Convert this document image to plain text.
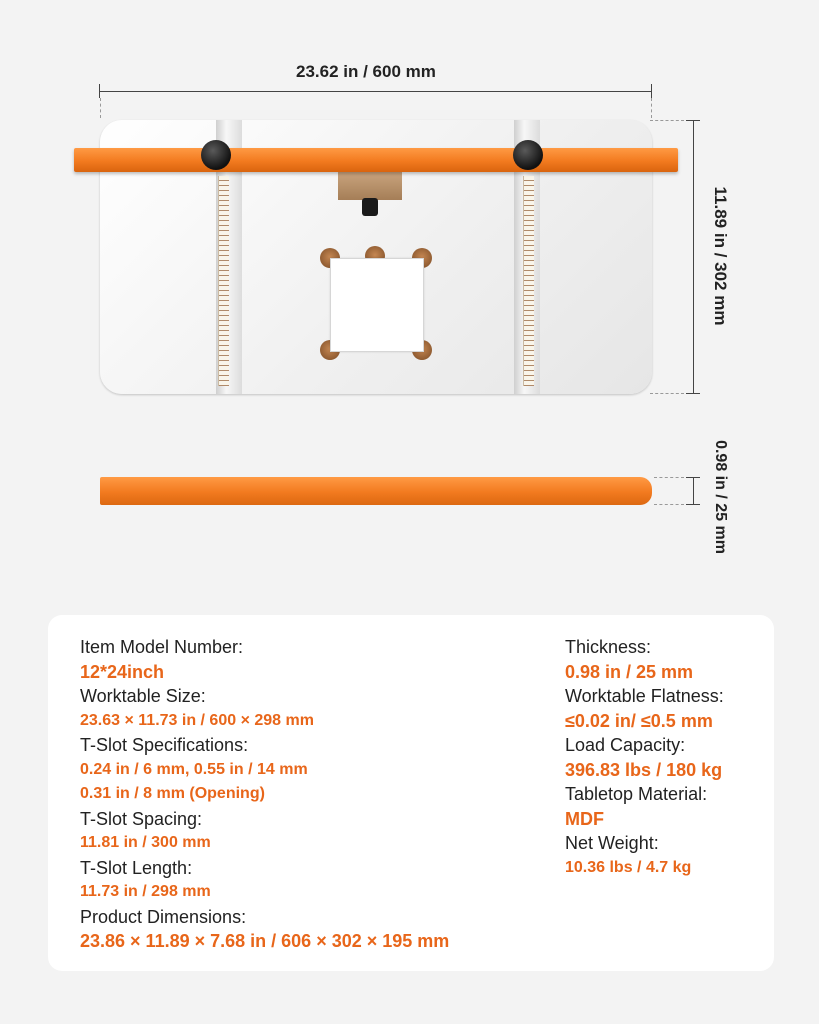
23.62 in / 600 mm
11.89 in / 302 mm
0.98 in / 25 mm
Item Model Number:
12*24inch
Worktable Size:
23.63 × 11.73 in / 600 × 298 mm
T-Slot Specifications:
0.24 in / 6 mm, 0.55 in / 14 mm
0.31 in / 8 mm (Opening)
T-Slot Spacing:
11.81 in / 300 mm
T-Slot Length:
11.73 in / 298 mm
Product Dimensions:
23.86 × 11.89 × 7.68 in / 606 × 302 × 195 mm
Thickness:
0.98 in / 25 mm
Worktable Flatness:
≤0.02 in/ ≤0.5 mm
Load Capacity:
396.83 lbs / 180 kg
Tabletop Material:
MDF
Net Weight:
10.36 lbs / 4.7 kg
